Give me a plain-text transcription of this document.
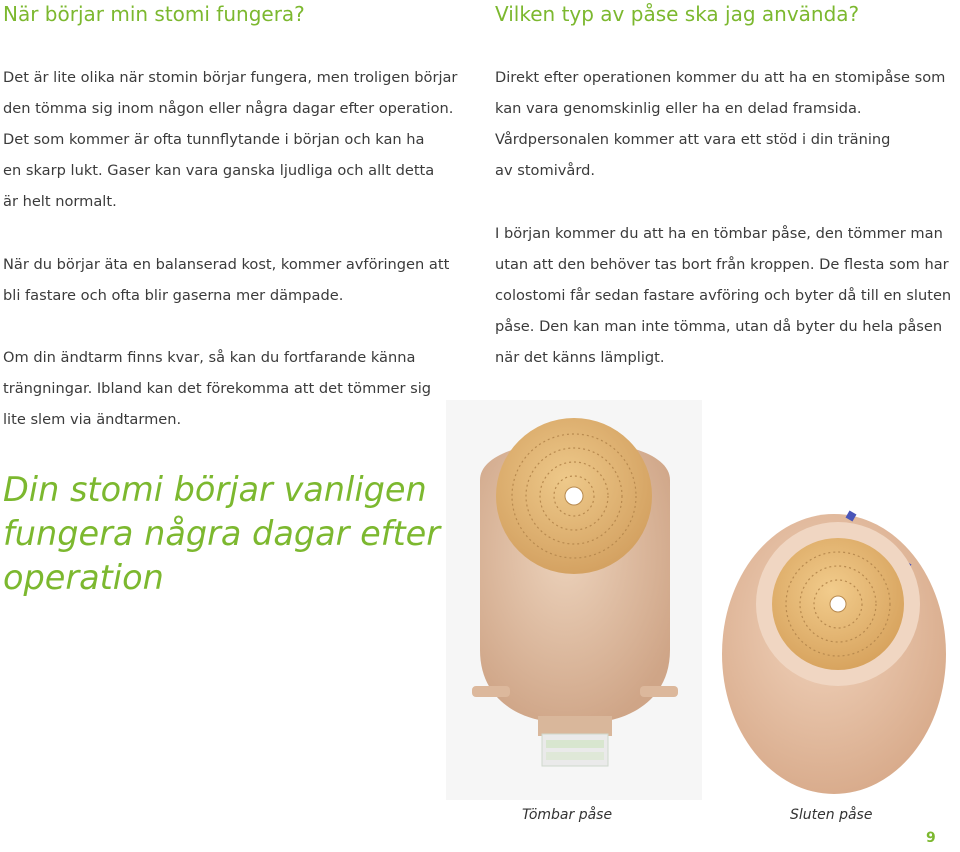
När börjar min stomi fungera?
Det är lite olika när stomin börjar fungera, men troligen börjar
den tömma sig inom någon eller några dagar efter operation.
Det som kommer är ofta tunnflytande i början och kan ha
en skarp lukt. Gaser kan vara ganska ljudliga och allt detta
är helt normalt.
När du börjar äta en balanserad kost, kommer avföringen att
bli fastare och ofta blir gaserna mer dämpade.
Om din ändtarm finns kvar, så kan du fortfarande känna
trängningar. Ibland kan det förekomma att det tömmer sig
lite slem via ändtarmen.
Din stomi börjar vanligen
fungera några dagar efter
operation
Vilken typ av påse ska jag använda?
Direkt efter operationen kommer du att ha en stomipåse som
kan vara genomskinlig eller ha en delad framsida.
Vårdpersonalen kommer att vara ett stöd i din träning
av stomivård.
I början kommer du att ha en tömbar påse, den tömmer man
utan att den behöver tas bort från kroppen. De flesta som har
colostomi får sedan fastare avföring och byter då till en sluten
påse. Den kan man inte tömma, utan då byter du hela påsen
när det känns lämpligt.

Tömbar påse	Sluten påse

9
